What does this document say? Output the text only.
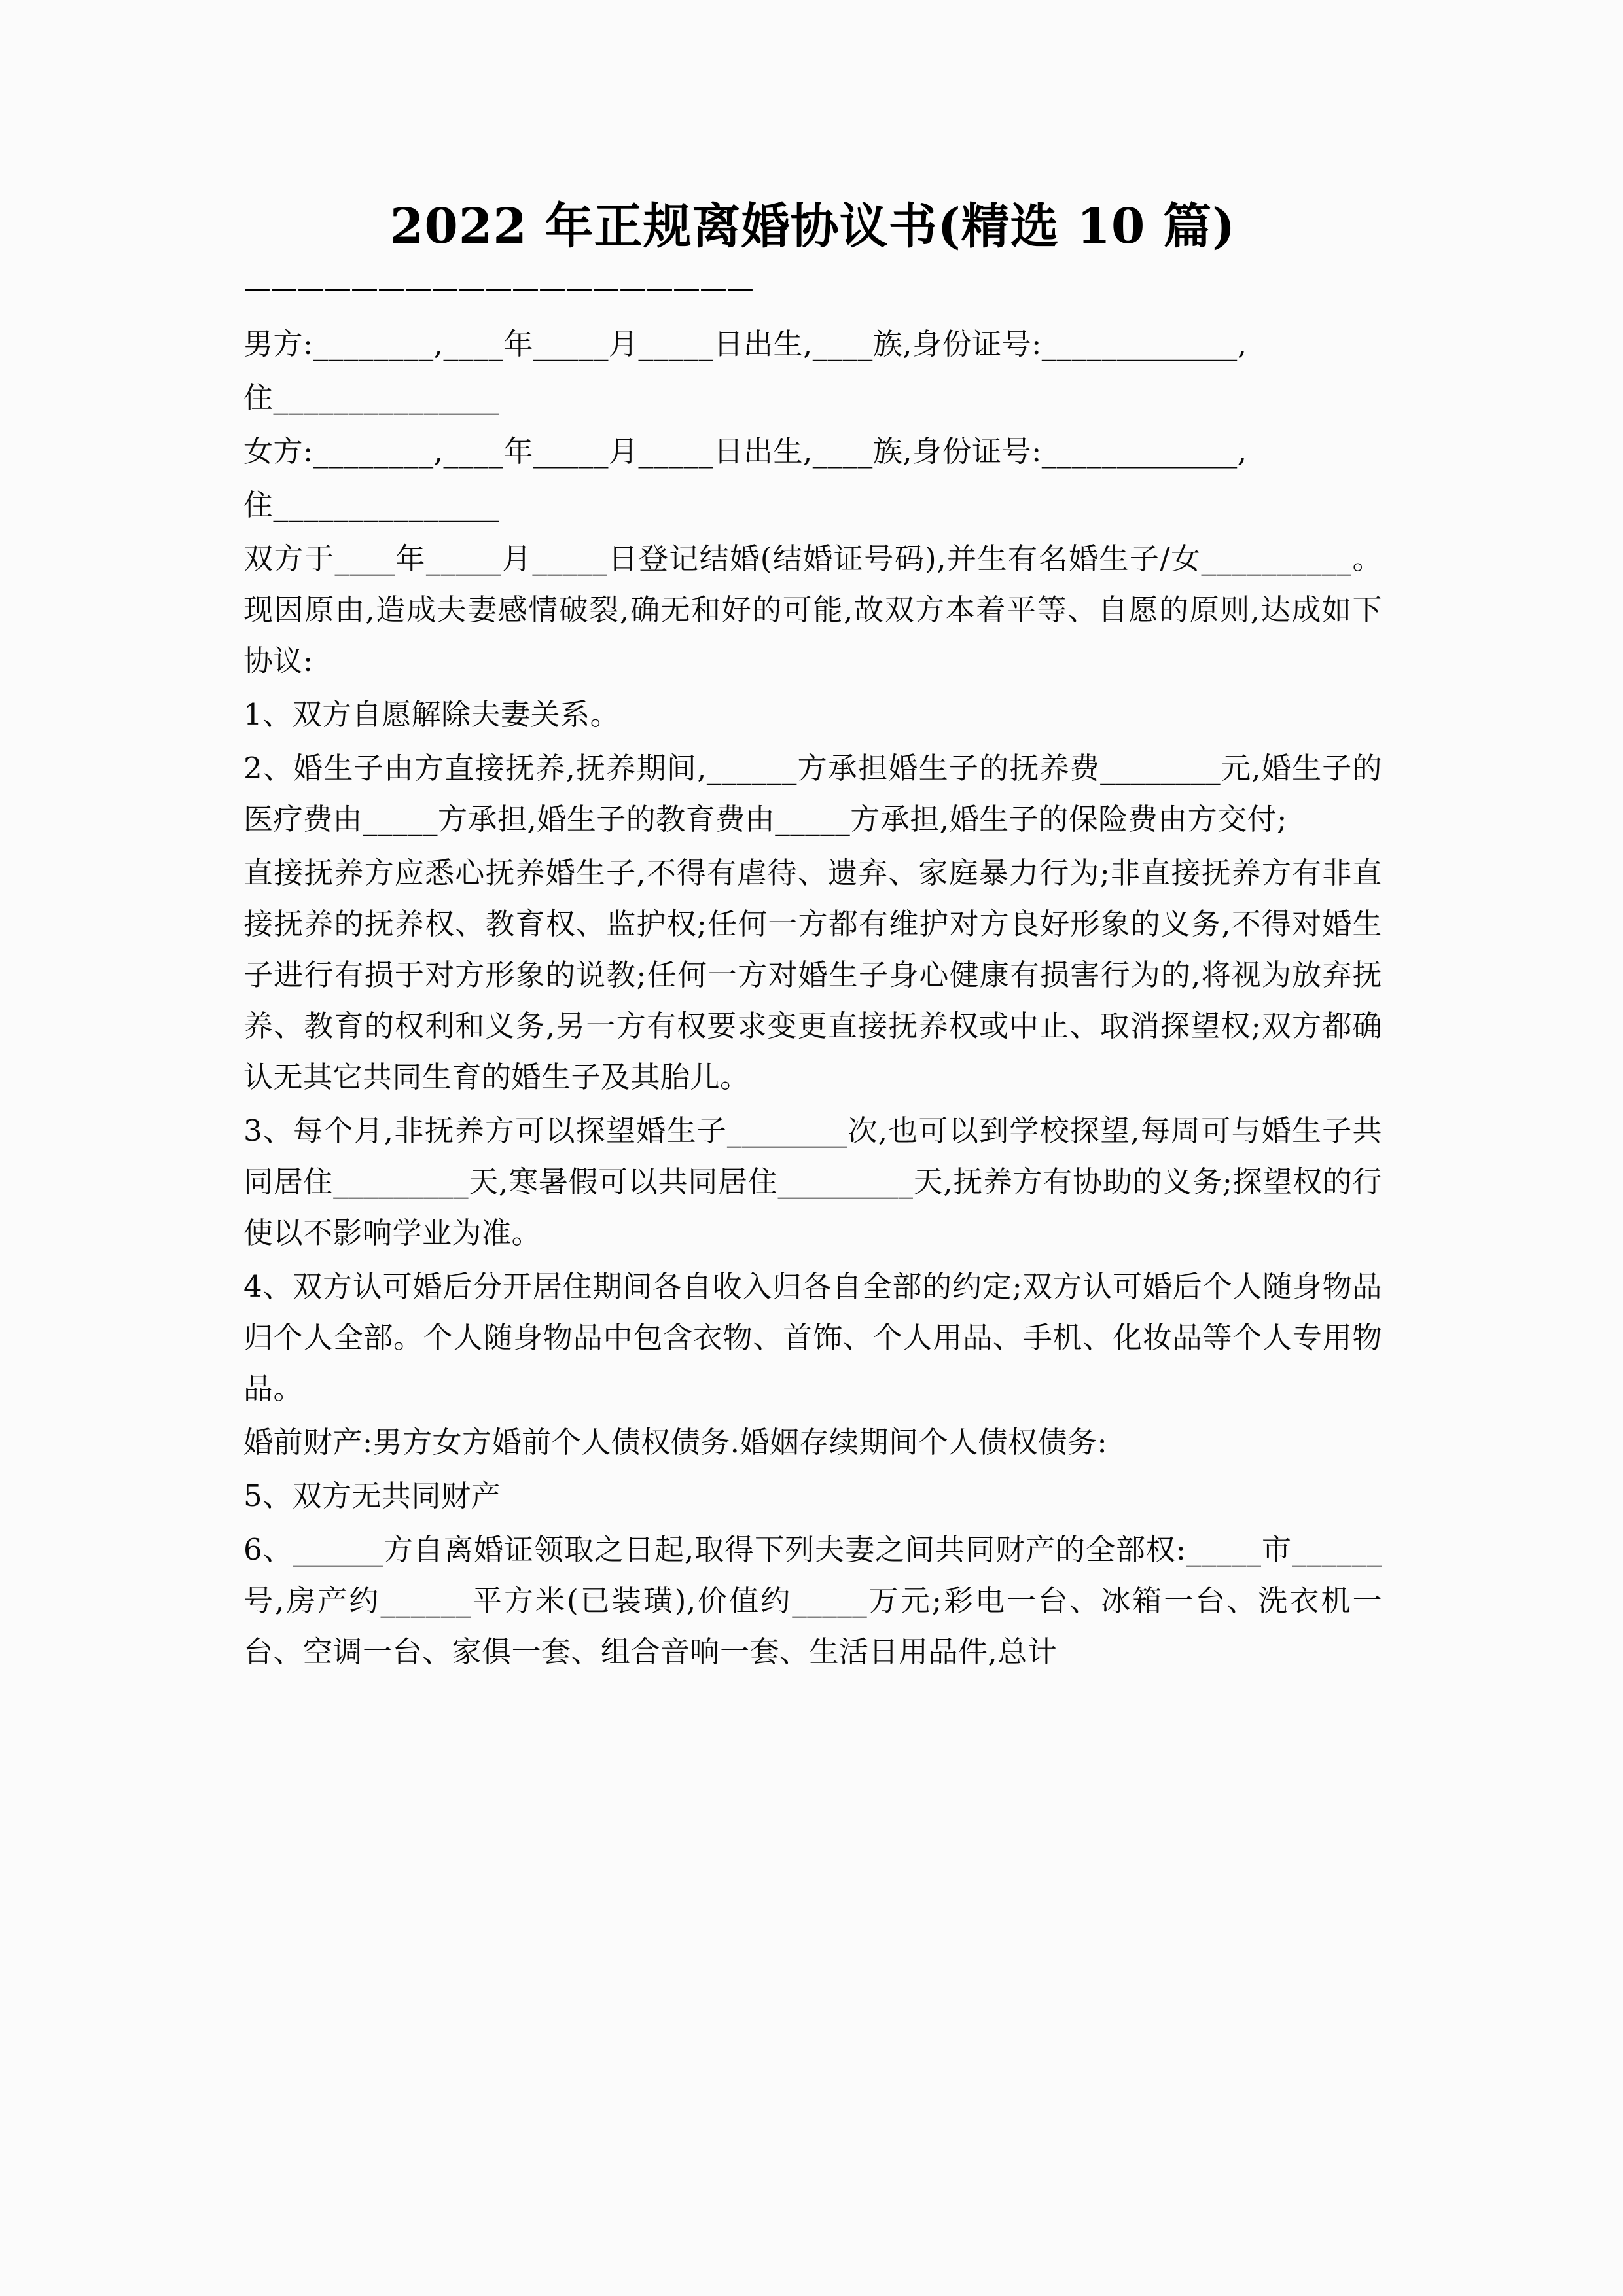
2022 年正规离婚协议书(精选 10 篇)
———————————————————

男方:________,____年_____月_____日出生,____族,身份证号:_____________,

住_______________

女方:________,____年_____月_____日出生,____族,身份证号:_____________,

住_______________

双方于____年_____月_____日登记结婚(结婚证号码),并生有名婚生子/女__________。现因原由,造成夫妻感情破裂,确无和好的可能,故双方本着平等、自愿的原则,达成如下协议:

1、双方自愿解除夫妻关系。

2、婚生子由方直接抚养,抚养期间,______方承担婚生子的抚养费________元,婚生子的医疗费由_____方承担,婚生子的教育费由_____方承担,婚生子的保险费由方交付;

直接抚养方应悉心抚养婚生子,不得有虐待、遗弃、家庭暴力行为;非直接抚养方有非直接抚养的抚养权、教育权、监护权;任何一方都有维护对方良好形象的义务,不得对婚生子进行有损于对方形象的说教;任何一方对婚生子身心健康有损害行为的,将视为放弃抚养、教育的权利和义务,另一方有权要求变更直接抚养权或中止、取消探望权;双方都确认无其它共同生育的婚生子及其胎儿。

3、每个月,非抚养方可以探望婚生子________次,也可以到学校探望,每周可与婚生子共同居住_________天,寒暑假可以共同居住_________天,抚养方有协助的义务;探望权的行使以不影响学业为准。

4、双方认可婚后分开居住期间各自收入归各自全部的约定;双方认可婚后个人随身物品归个人全部。个人随身物品中包含衣物、首饰、个人用品、手机、化妆品等个人专用物品。

婚前财产:男方女方婚前个人债权债务.婚姻存续期间个人债权债务:

5、双方无共同财产

6、______方自离婚证领取之日起,取得下列夫妻之间共同财产的全部权:_____市______号,房产约______平方米(已装璜),价值约_____万元;彩电一台、冰箱一台、洗衣机一台、空调一台、家俱一套、组合音响一套、生活日用品件,总计
